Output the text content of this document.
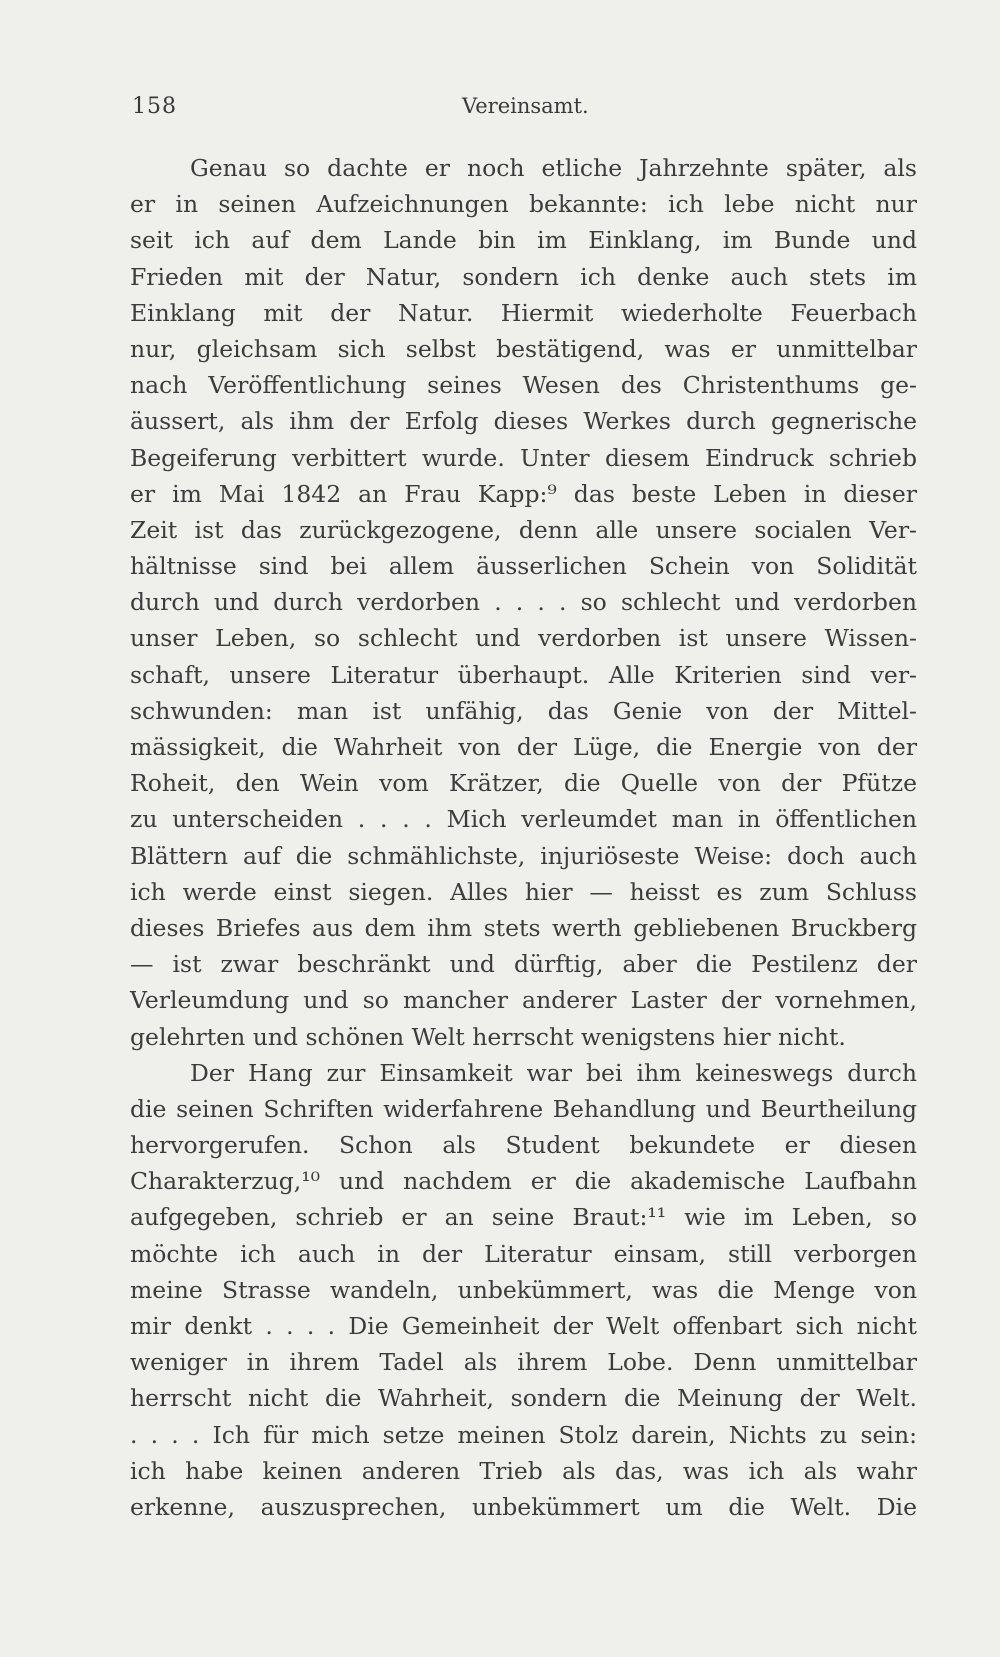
158	Vereinsamt.
Genau so dachte er noch etliche Jahrzehnte später, als
er in seinen Aufzeichnungen bekannte: ich lebe nicht nur
seit ich auf dem Lande bin im Einklang, im Bunde und
Frieden mit der Natur, sondern ich denke auch stets im
Einklang mit der Natur. Hiermit wiederholte Feuerbach
nur, gleichsam sich selbst bestätigend, was er unmittelbar
nach Veröffentlichung seines Wesen des Christenthums ge-
äussert, als ihm der Erfolg dieses Werkes durch gegnerische
Begeiferung verbittert wurde. Unter diesem Eindruck schrieb
er im Mai 1842 an Frau Kapp:⁹ das beste Leben in dieser
Zeit ist das zurückgezogene, denn alle unsere socialen Ver-
hältnisse sind bei allem äusserlichen Schein von Solidität
durch und durch verdorben . . . . so schlecht und verdorben
unser Leben, so schlecht und verdorben ist unsere Wissen-
schaft, unsere Literatur überhaupt. Alle Kriterien sind ver-
schwunden: man ist unfähig, das Genie von der Mittel-
mässigkeit, die Wahrheit von der Lüge, die Energie von der
Roheit, den Wein vom Krätzer, die Quelle von der Pfütze
zu unterscheiden . . . . Mich verleumdet man in öffentlichen
Blättern auf die schmählichste, injuriöseste Weise: doch auch
ich werde einst siegen. Alles hier — heisst es zum Schluss
dieses Briefes aus dem ihm stets werth gebliebenen Bruckberg
— ist zwar beschränkt und dürftig, aber die Pestilenz der
Verleumdung und so mancher anderer Laster der vornehmen,
gelehrten und schönen Welt herrscht wenigstens hier nicht.
Der Hang zur Einsamkeit war bei ihm keineswegs durch
die seinen Schriften widerfahrene Behandlung und Beurtheilung
hervorgerufen. Schon als Student bekundete er diesen
Charakterzug,¹⁰ und nachdem er die akademische Laufbahn
aufgegeben, schrieb er an seine Braut:¹¹ wie im Leben, so
möchte ich auch in der Literatur einsam, still verborgen
meine Strasse wandeln, unbekümmert, was die Menge von
mir denkt . . . . Die Gemeinheit der Welt offenbart sich nicht
weniger in ihrem Tadel als ihrem Lobe. Denn unmittelbar
herrscht nicht die Wahrheit, sondern die Meinung der Welt.
. . . . Ich für mich setze meinen Stolz darein, Nichts zu sein:
ich habe keinen anderen Trieb als das, was ich als wahr
erkenne, auszusprechen, unbekümmert um die Welt. Die
